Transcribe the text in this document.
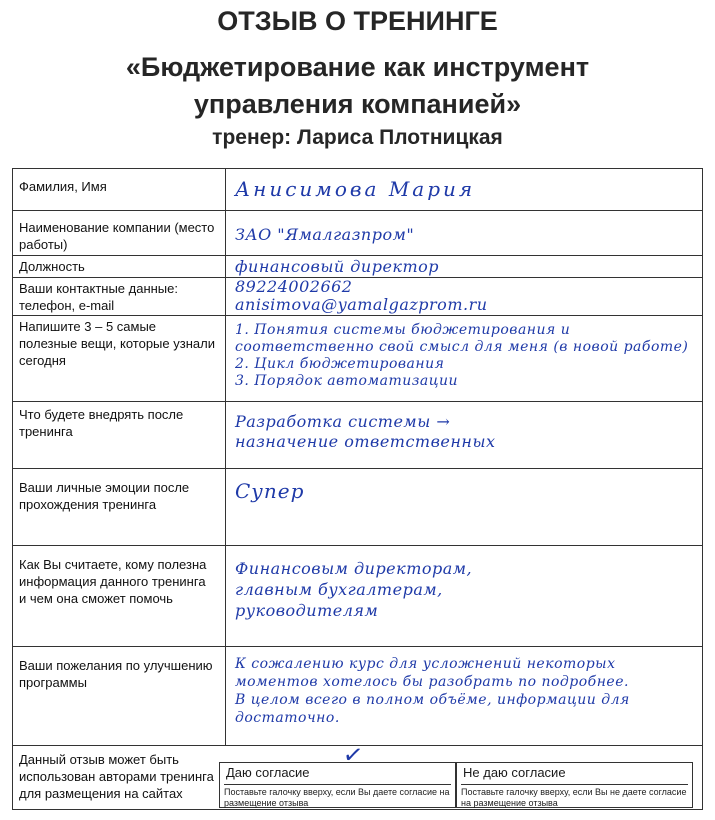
ОТЗЫВ О ТРЕНИНГЕ
«Бюджетирование как инструмент
управления компанией»
тренер: Лариса Плотницкая
Фамилия, Имя	Анисимова Мария
Наименование компании (место работы)
ЗАО "Ямалгазпром"
Должность	финансовый директор
Ваши контактные данные: телефон, e-mail
89224002662
anisimova@yamalgazprom.ru
Напишите 3 – 5 самые полезные вещи, которые узнали сегодня
1. Понятия системы бюджетирования и соответственно свой смысл для меня (в новой работе)
2. Цикл бюджетирования
3. Порядок автоматизации
Что будете внедрять после тренинга
Разработка системы →
назначение ответственных
Ваши личные эмоции после прохождения тренинга
Супер
Как Вы считаете, кому полезна информация данного тренинга и чем она сможет помочь
Финансовым директорам,
главным бухгалтерам,
руководителям
Ваши пожелания по улучшению программы
К сожалению курс для усложнений некоторых моментов хотелось бы разобрать по подробнее.
В целом всего в полном объёме, информации для достаточно.
Данный отзыв может быть использован авторами тренинга для размещения на сайтах
✓
Даю согласие
Поставьте галочку вверху, если Вы даете согласие на размещение отзыва
Не даю согласие
Поставьте галочку вверху, если Вы не даете согласие на размещение отзыва
